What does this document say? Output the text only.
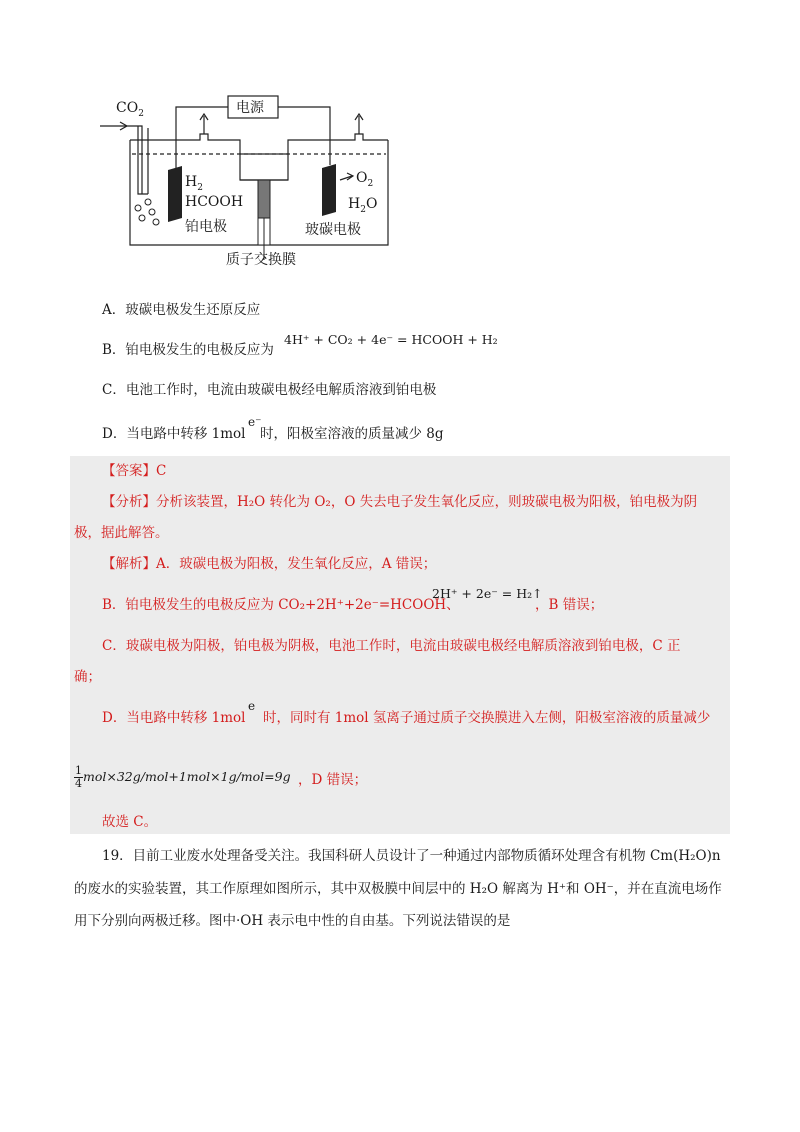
$CO_2$	电源
$H_2$
HCOOH
$O_2$
$H_2O$
铂电极	玻碳电极
质子交换膜
A．玻碳电极发生还原反应
B．铂电极发生的电极反应为
4H⁺ + CO₂ + 4e⁻ = HCOOH + H₂
C．电池工作时，电流由玻碳电极经电解质溶液到铂电极
D．当电路中转移 1mol
e⁻
时，阳极室溶液的质量减少 8g
【答案】C
【分析】分析该装置，H₂O 转化为 O₂，O 失去电子发生氧化反应，则玻碳电极为阳极，铂电极为阴
极，据此解答。
【解析】A．玻碳电极为阳极，发生氧化反应，A 错误；
B．铂电极发生的电极反应为 CO₂+2H⁺+2e⁻=HCOOH、
2H⁺ + 2e⁻ = H₂↑
，B 错误；
C．玻碳电极为阳极，铂电极为阴极，电池工作时，电流由玻碳电极经电解质溶液到铂电极，C 正
确；
D．当电路中转移 1mol
e
时，同时有 1mol 氢离子通过质子交换膜进入左侧，阳极室溶液的质量减少
$\frac{1}{4} mol\times 32g/mol+1mol\times 1g/mol=9g$ ，D 错误；
故选 C。
19．目前工业废水处理备受关注。我国科研人员设计了一种通过内部物质循环处理含有机物 Cm(H₂O)n
的废水的实验装置，其工作原理如图所示，其中双极膜中间层中的 H₂O 解离为 H⁺和 OH⁻，并在直流电场作
用下分别向两极迁移。图中·OH 表示电中性的自由基。下列说法错误的是
